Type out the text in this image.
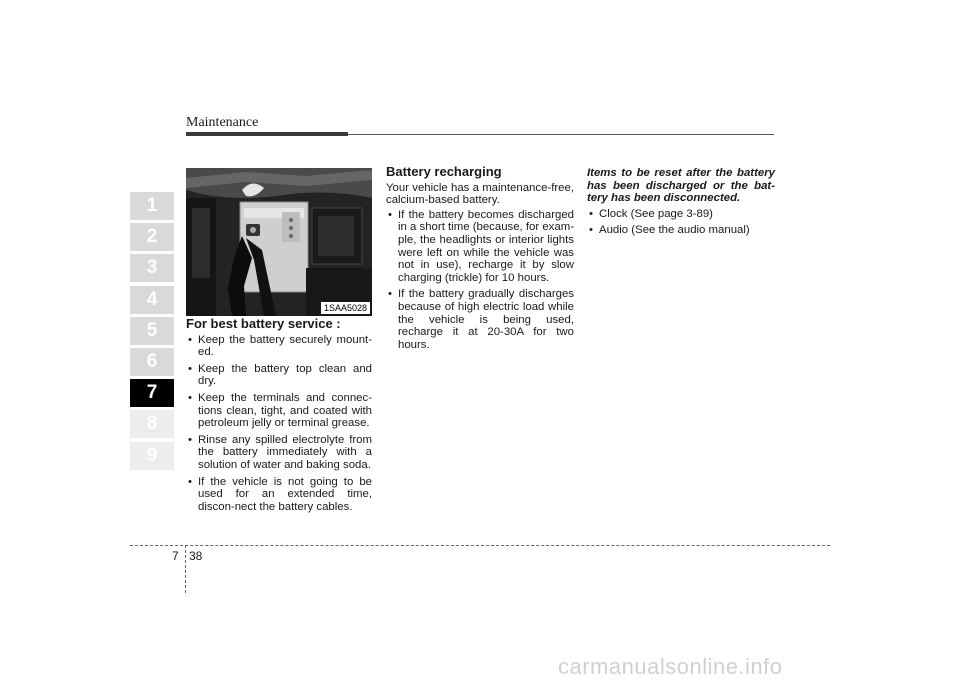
Maintenance
1
2
3
4
5
6
7
8
9
1SAA5028
For best battery service :
• Keep the battery securely mount-ed.
• Keep the battery top clean and dry.
• Keep the terminals and connec-tions clean, tight, and coated with petroleum jelly or terminal grease.
• Rinse any spilled electrolyte from the battery immediately with a solution of water and baking soda.
• If the vehicle is not going to be used for an extended time, discon-nect the battery cables.
Battery recharging

Your vehicle has a maintenance-free, calcium-based battery.

• If the battery becomes discharged in a short time (because, for exam-ple, the headlights or interior lights were left on while the vehicle was not in use), recharge it by slow charging (trickle) for 10 hours.
• If the battery gradually discharges because of high electric load while the vehicle is being used, recharge it at 20-30A for two hours.
Items to be reset after the battery has been discharged or the bat-tery has been disconnected.
• Clock (See page 3-89)
• Audio (See the audio manual)
7 38
carmanualsonline.info
